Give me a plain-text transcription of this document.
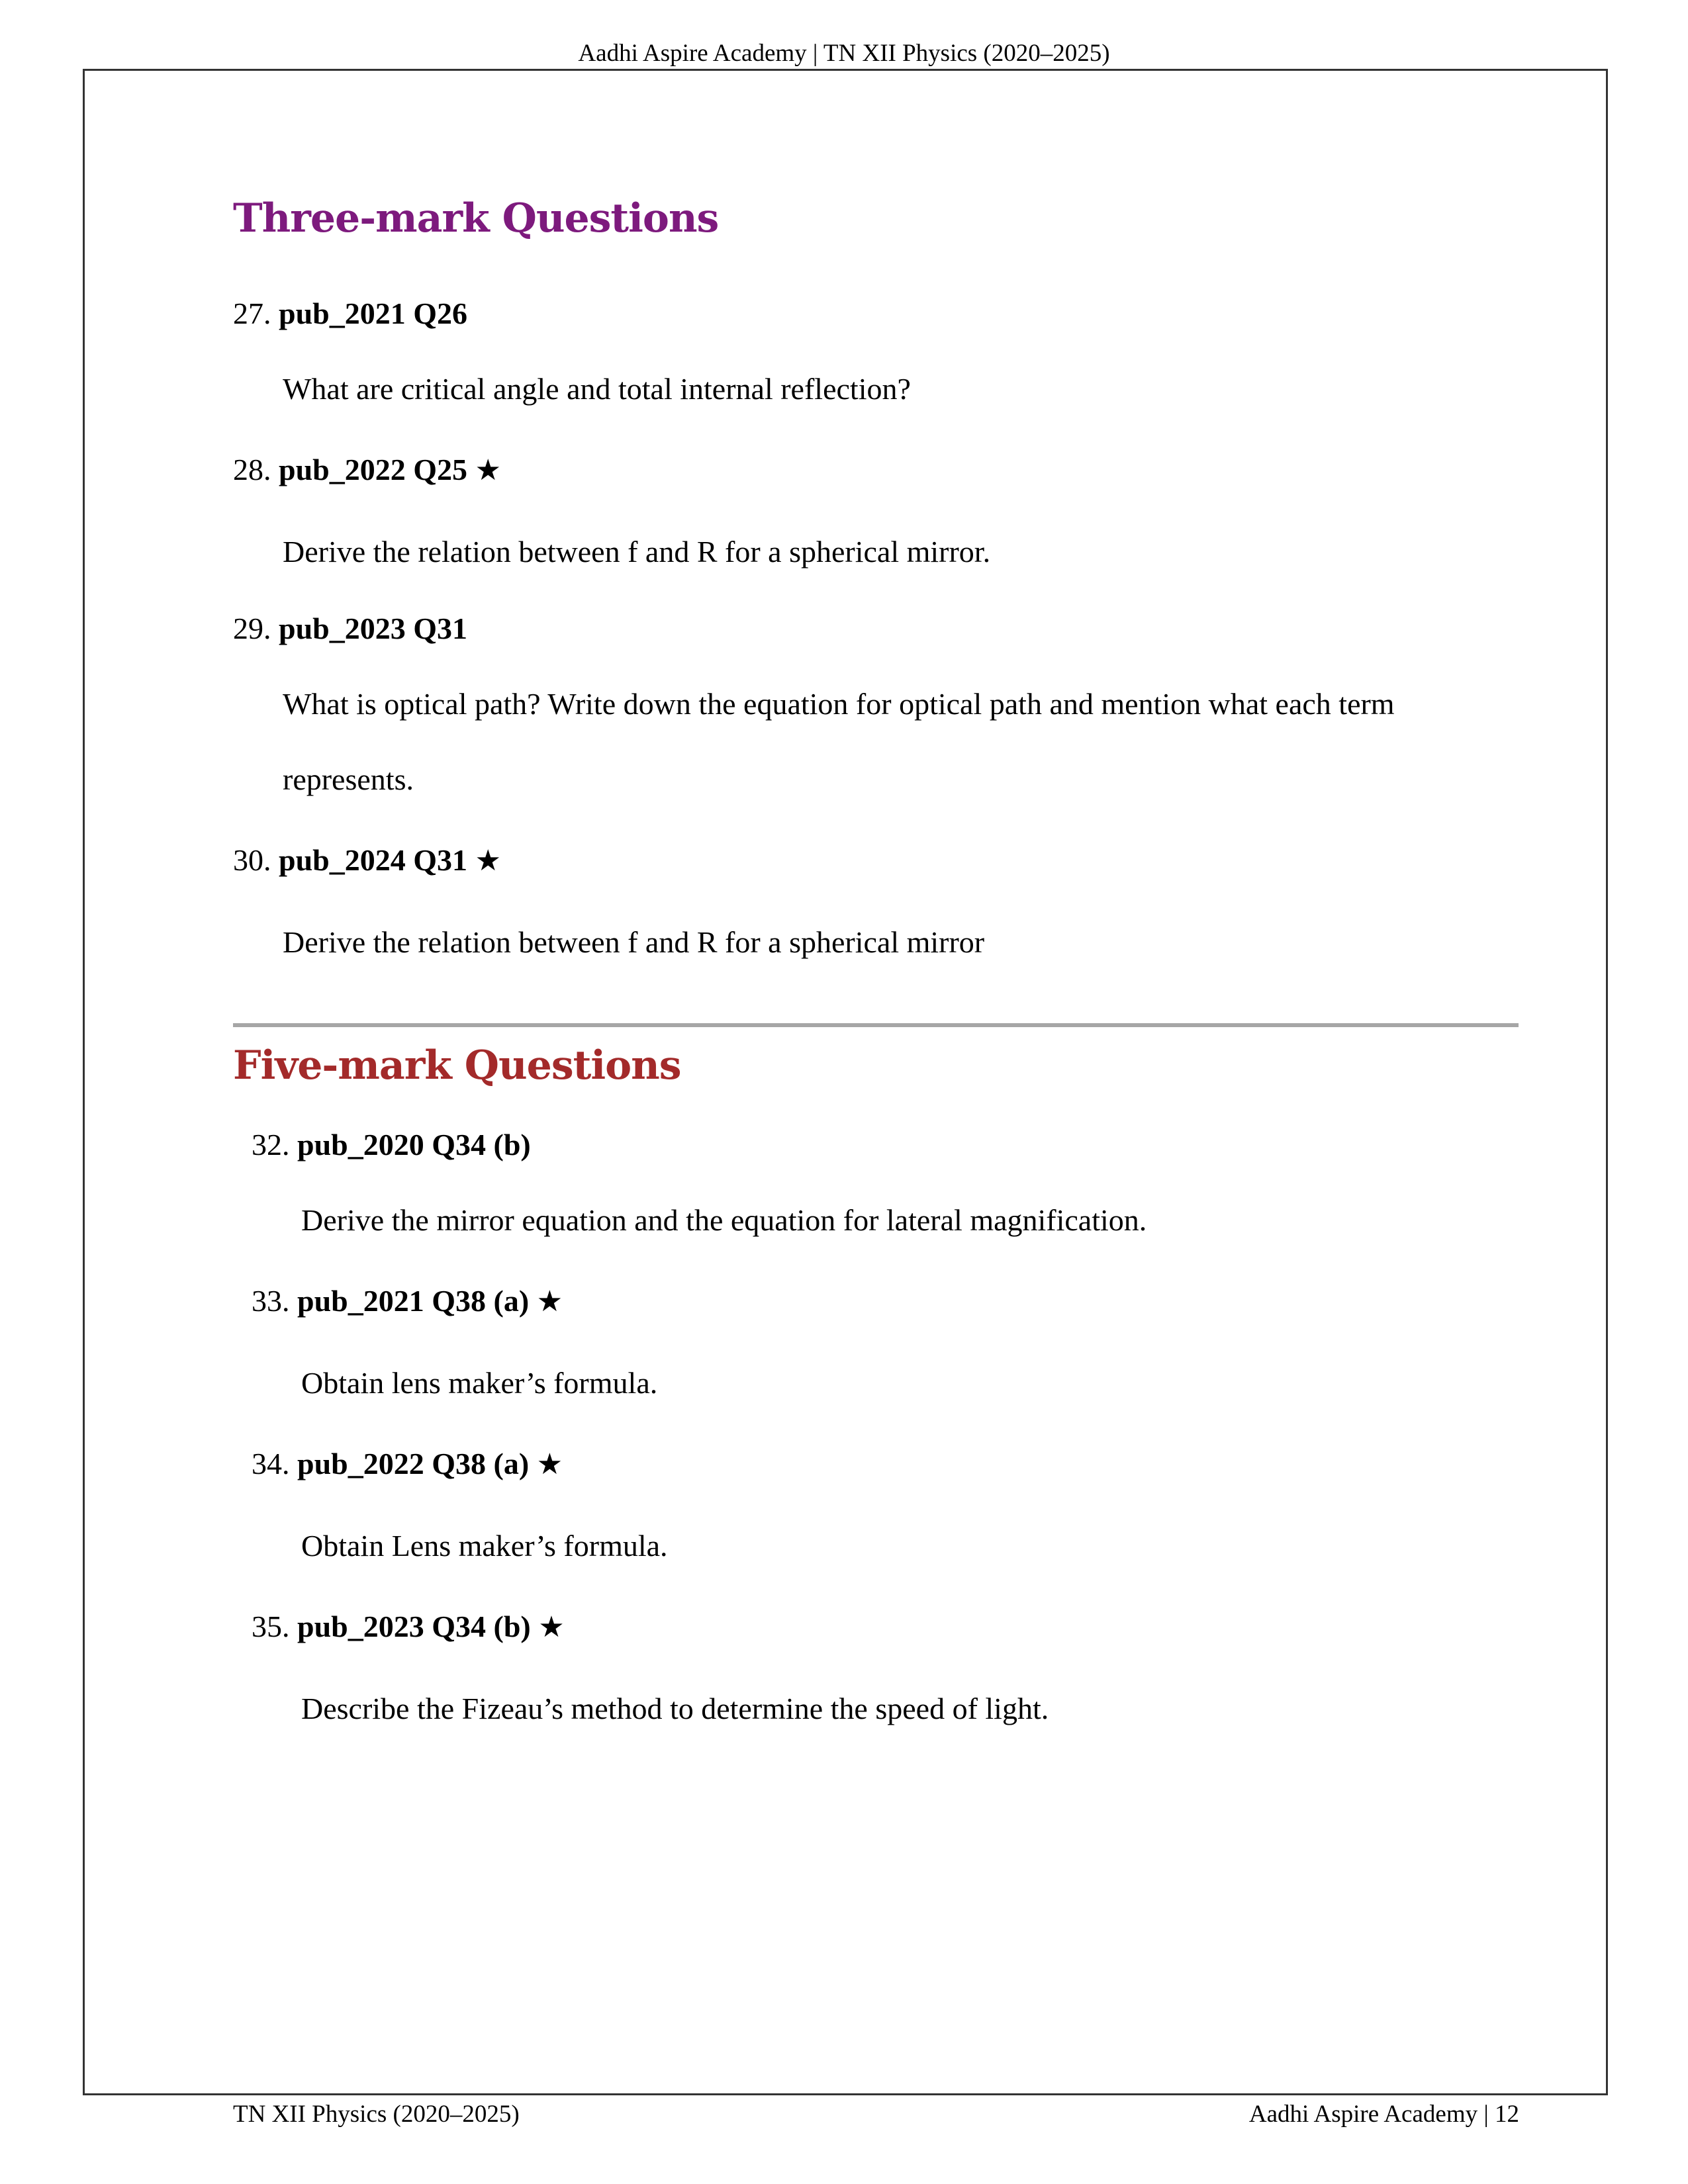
Aadhi Aspire Academy | TN XII Physics (2020–2025)
Three-mark Questions
27. pub_2021 Q26
What are critical angle and total internal reflection?
28. pub_2022 Q25 ★
Derive the relation between f and R for a spherical mirror.
29. pub_2023 Q31
What is optical path? Write down the equation for optical path and mention what each term
represents.
30. pub_2024 Q31 ★
Derive the relation between f and R for a spherical mirror
Five-mark Questions
32. pub_2020 Q34 (b)
Derive the mirror equation and the equation for lateral magnification.
33. pub_2021 Q38 (a) ★
Obtain lens maker’s formula.
34. pub_2022 Q38 (a) ★
Obtain Lens maker’s formula.
35. pub_2023 Q34 (b) ★
Describe the Fizeau’s method to determine the speed of light.
TN XII Physics (2020–2025)	Aadhi Aspire Academy | 12
